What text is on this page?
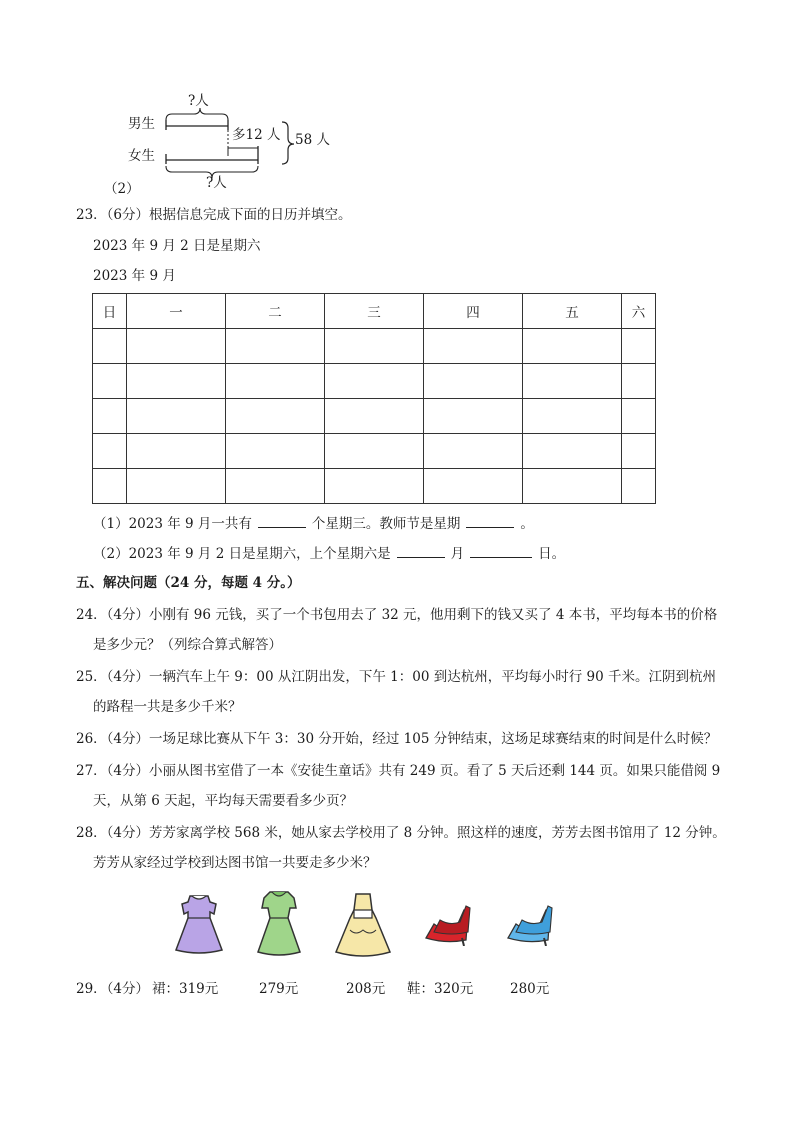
?人
男生
女生
多12 人 58 人
?人
（2）
23．（6分）根据信息完成下面的日历并填空。
2023 年 9 月 2 日是星期六
2023 年 9 月
日	一	二	三	四	五	六

（1）2023 年 9 月一共有	个星期三。教师节是星期	。
（2）2023 年 9 月 2 日是星期六，上个星期六是	月	日。
五、解决问题（24 分，每题 4 分。）
24．（4分）小刚有 96 元钱，买了一个书包用去了 32 元，他用剩下的钱又买了 4 本书，平均每本书的价格
是多少元？（列综合算式解答）
25．（4分）一辆汽车上午 9：00 从江阴出发，下午 1：00 到达杭州，平均每小时行 90 千米。江阴到杭州
的路程一共是多少千米？
26．（4分）一场足球比赛从下午 3：30 分开始，经过 105 分钟结束，这场足球赛结束的时间是什么时候？
27．（4分）小丽从图书室借了一本《安徒生童话》共有 249 页。看了 5 天后还剩 144 页。如果只能借阅 9
天，从第 6 天起，平均每天需要看多少页？
28．（4分）芳芳家离学校 568 米，她从家去学校用了 8 分钟。照这样的速度，芳芳去图书馆用了 12 分钟。
芳芳从家经过学校到达图书馆一共要走多少米？
29．（4分） 裙：319元	279元	208元 鞋：320元	280元
